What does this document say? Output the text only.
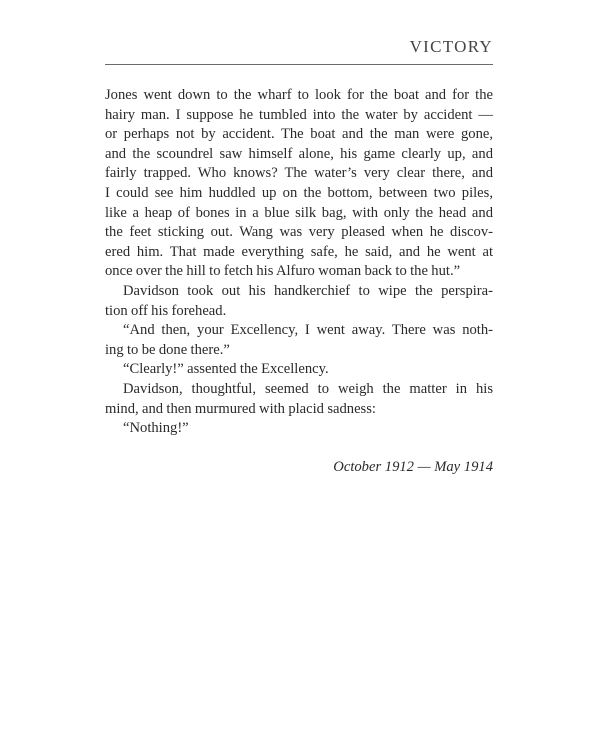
VICTORY

Jones went down to the wharf to look for the boat and for the

hairy man. I suppose he tumbled into the water by accident —

or perhaps not by accident. The boat and the man were gone,

and the scoundrel saw himself alone, his game clearly up, and

fairly trapped. Who knows? The water’s very clear there, and

I could see him huddled up on the bottom, between two piles,

like a heap of bones in a blue silk bag, with only the head and

the feet sticking out. Wang was very pleased when he discov-

ered him. That made everything safe, he said, and he went at

once over the hill to fetch his Alfuro woman back to the hut.”

Davidson took out his handkerchief to wipe the perspira-

tion off his forehead.

“And then, your Excellency, I went away. There was noth-

ing to be done there.”

“Clearly!” assented the Excellency.

Davidson, thoughtful, seemed to weigh the matter in his

mind, and then murmured with placid sadness:

“Nothing!”

October 1912 — May 1914
